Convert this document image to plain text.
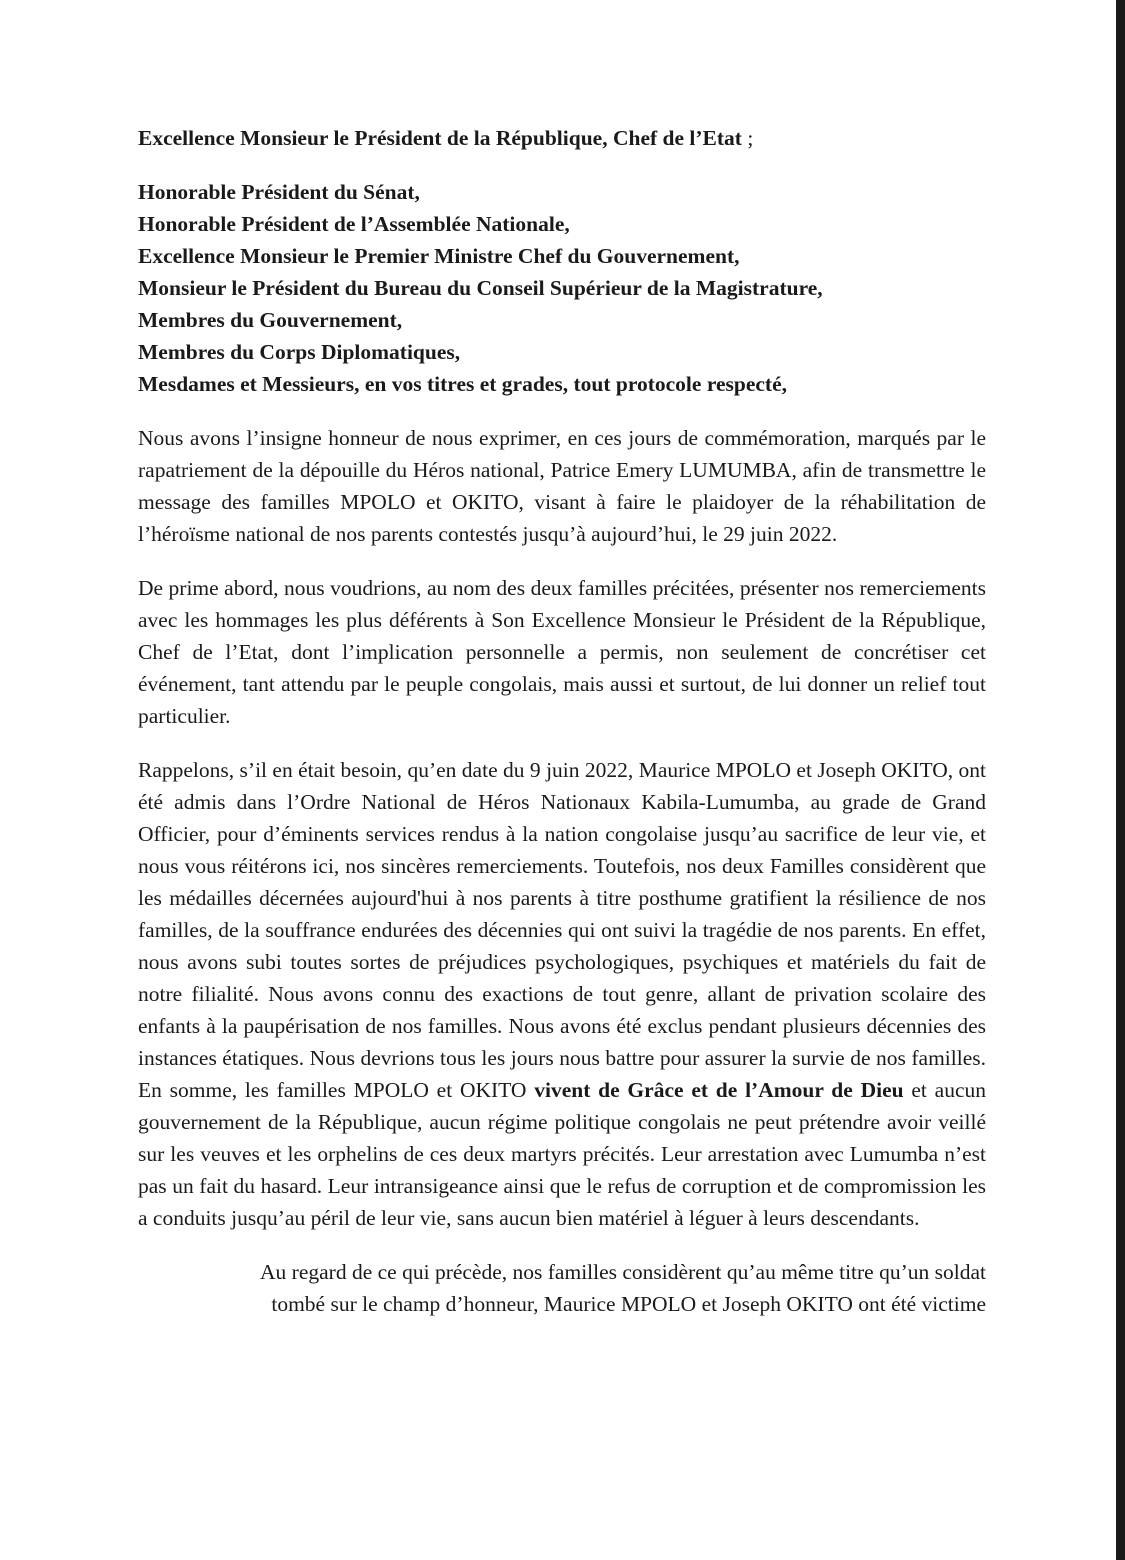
Excellence Monsieur le Président de la République, Chef de l’Etat ;

Honorable Président du Sénat,
Honorable Président de l’Assemblée Nationale,
Excellence Monsieur le Premier Ministre Chef du Gouvernement,
Monsieur le Président du Bureau du Conseil Supérieur de la Magistrature,
Membres du Gouvernement,
Membres du Corps Diplomatiques,
Mesdames et Messieurs, en vos titres et grades, tout protocole respecté,

Nous avons l’insigne honneur de nous exprimer, en ces jours de commémoration, marqués par le rapatriement de la dépouille du Héros national, Patrice Emery LUMUMBA, afin de transmettre le message des familles MPOLO et OKITO, visant à faire le plaidoyer de la réhabilitation de l’héroïsme national de nos parents contestés jusqu’à aujourd’hui, le 29 juin 2022.

De prime abord, nous voudrions, au nom des deux familles précitées, présenter nos remerciements avec les hommages les plus déférents à Son Excellence Monsieur le Président de la République, Chef de l’Etat, dont l’implication personnelle a permis, non seulement de concrétiser cet événement, tant attendu par le peuple congolais, mais aussi et surtout, de lui donner un relief tout particulier.

Rappelons, s’il en était besoin, qu’en date du 9 juin 2022, Maurice MPOLO et Joseph OKITO, ont été admis dans l’Ordre National de Héros Nationaux Kabila-Lumumba, au grade de Grand Officier, pour d’éminents services rendus à la nation congolaise jusqu’au sacrifice de leur vie, et nous vous réitérons ici, nos sincères remerciements. Toutefois, nos deux Familles considèrent que les médailles décernées aujourd'hui à nos parents à titre posthume gratifient la résilience de nos familles, de la souffrance endurées des décennies qui ont suivi la tragédie de nos parents. En effet, nous avons subi toutes sortes de préjudices psychologiques, psychiques et matériels du fait de notre filialité. Nous avons connu des exactions de tout genre, allant de privation scolaire des enfants à la paupérisation de nos familles. Nous avons été exclus pendant plusieurs décennies des instances étatiques. Nous devrions tous les jours nous battre pour assurer la survie de nos familles. En somme, les familles MPOLO et OKITO vivent de Grâce et de l’Amour de Dieu et aucun gouvernement de la République, aucun régime politique congolais ne peut prétendre avoir veillé sur les veuves et les orphelins de ces deux martyrs précités. Leur arrestation avec Lumumba n’est pas un fait du hasard. Leur intransigeance ainsi que le refus de corruption et de compromission les a conduits jusqu’au péril de leur vie, sans aucun bien matériel à léguer à leurs descendants.

Au regard de ce qui précède, nos familles considèrent qu’au même titre qu’un soldat
tombé sur le champ d’honneur, Maurice MPOLO et Joseph OKITO ont été victime
